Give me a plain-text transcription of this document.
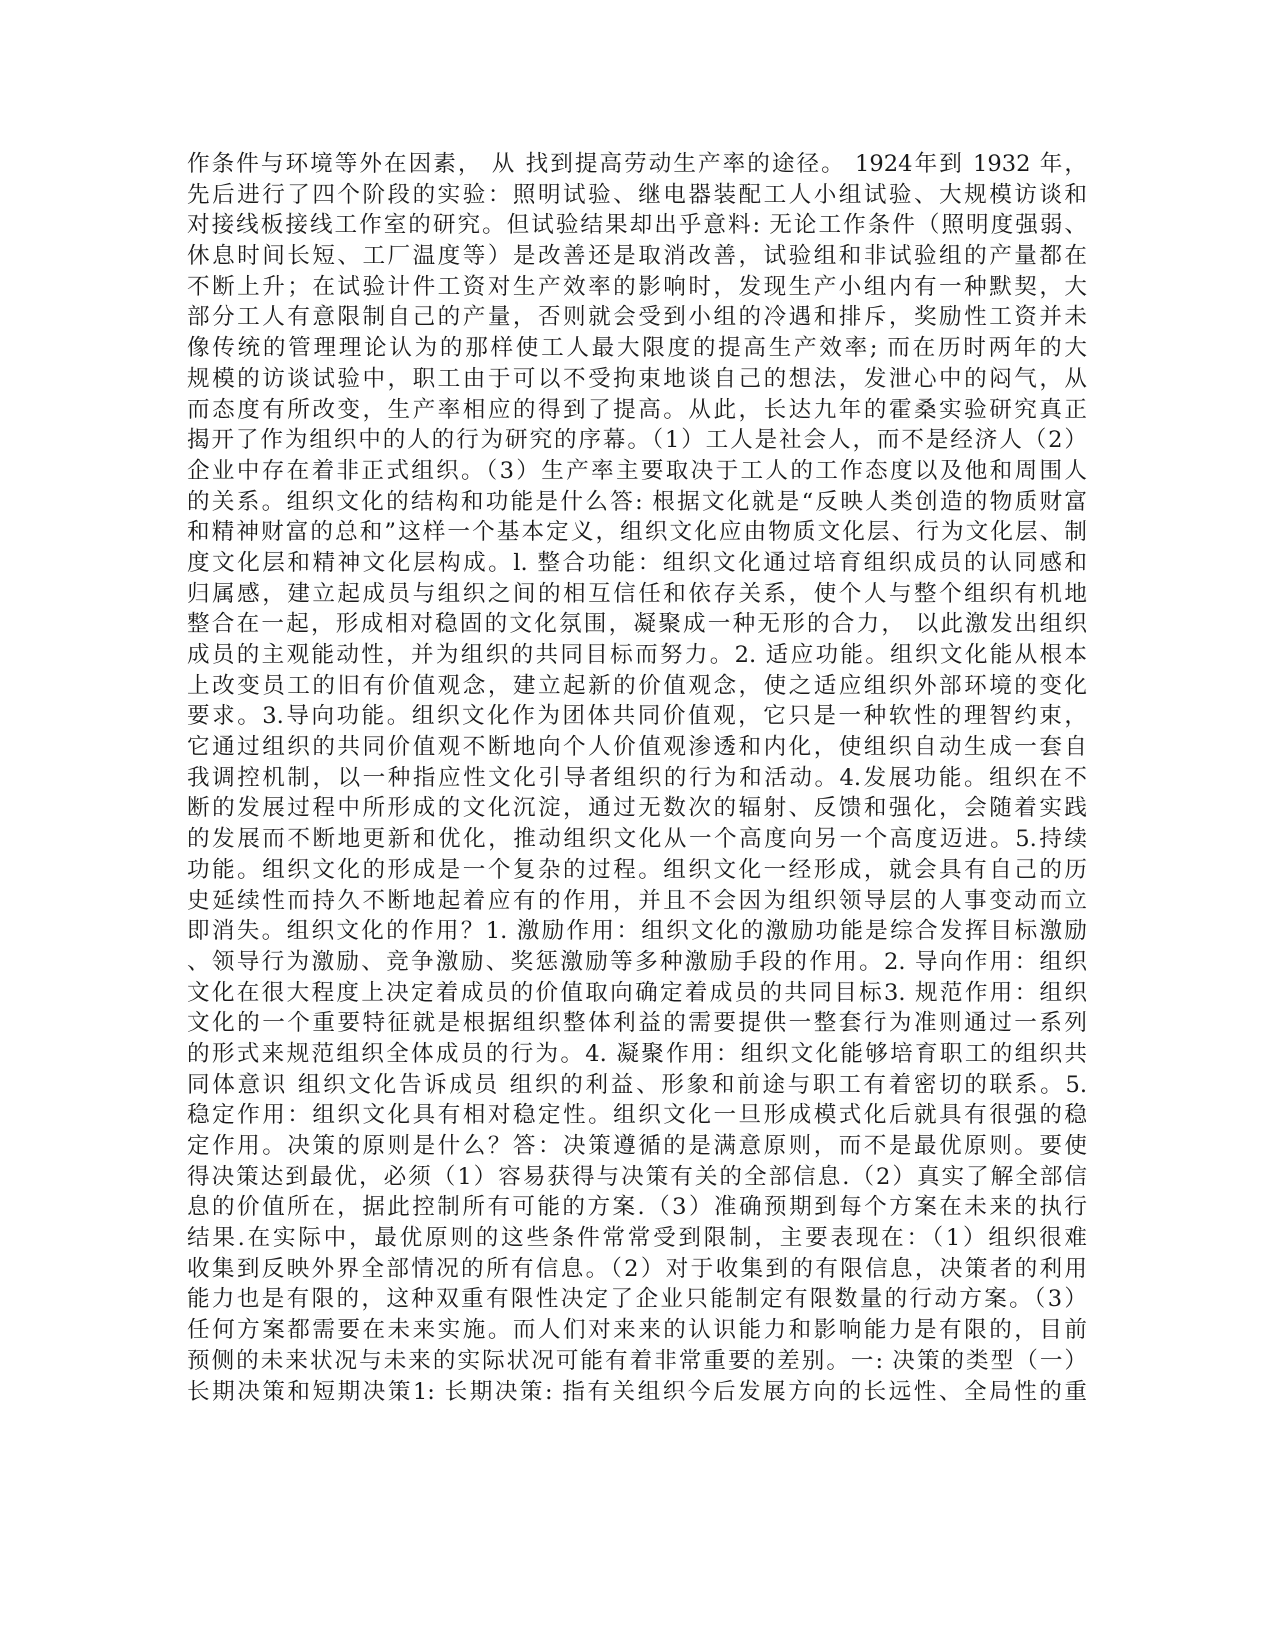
作条件与环境等外在因素， 从 找到提高劳动生产率的途径。 1924年到 1932 年，
先后进行了四个阶段的实验：照明试验、继电器装配工人小组试验、大规模访谈和
对接线板接线工作室的研究。但试验结果却出乎意料: 无论工作条件（照明度强弱、
休息时间长短、工厂温度等）是改善还是取消改善，试验组和非试验组的产量都在
不断上升；在试验计件工资对生产效率的影响时，发现生产小组内有一种默契，大
部分工人有意限制自己的产量，否则就会受到小组的冷遇和排斥，奖励性工资并未
像传统的管理理论认为的那样使工人最大限度的提高生产效率; 而在历时两年的大
规模的访谈试验中，职工由于可以不受拘束地谈自己的想法，发泄心中的闷气，从
而态度有所改变，生产率相应的得到了提高。从此，长达九年的霍桑实验研究真正
揭开了作为组织中的人的行为研究的序幕。（1）工人是社会人，而不是经济人（2）
企业中存在着非正式组织。（3）生产率主要取决于工人的工作态度以及他和周围人
的关系。组织文化的结构和功能是什么答: 根据文化就是“反映人类创造的物质财富
和精神财富的总和”这样一个基本定义，组织文化应由物质文化层、行为文化层、制
度文化层和精神文化层构成。l. 整合功能：组织文化通过培育组织成员的认同感和
归属感，建立起成员与组织之间的相互信任和依存关系，使个人与整个组织有机地
整合在一起，形成相对稳固的文化氛围，凝聚成一种无形的合力， 以此激发出组织
成员的主观能动性，并为组织的共同目标而努力。2. 适应功能。组织文化能从根本
上改变员工的旧有价值观念，建立起新的价值观念，使之适应组织外部环境的变化
要求。3.导向功能。组织文化作为团体共同价值观，它只是一种软性的理智约束，
它通过组织的共同价值观不断地向个人价值观渗透和内化，使组织自动生成一套自
我调控机制，以一种指应性文化引导者组织的行为和活动。4.发展功能。组织在不
断的发展过程中所形成的文化沉淀，通过无数次的辐射、反馈和强化，会随着实践
的发展而不断地更新和优化，推动组织文化从一个高度向另一个高度迈进。5.持续
功能。组织文化的形成是一个复杂的过程。组织文化一经形成，就会具有自己的历
史延续性而持久不断地起着应有的作用，并且不会因为组织领导层的人事变动而立
即消失。组织文化的作用？1. 激励作用：组织文化的激励功能是综合发挥目标激励
、领导行为激励、竞争激励、奖惩激励等多种激励手段的作用。2. 导向作用：组织
文化在很大程度上决定着成员的价值取向确定着成员的共同目标3. 规范作用：组织
文化的一个重要特征就是根据组织整体利益的需要提供一整套行为准则通过一系列
的形式来规范组织全体成员的行为。4. 凝聚作用：组织文化能够培育职工的组织共
同体意识 组织文化告诉成员 组织的利益、形象和前途与职工有着密切的联系。5.
稳定作用：组织文化具有相对稳定性。组织文化一旦形成模式化后就具有很强的稳
定作用。决策的原则是什么？答：决策遵循的是满意原则，而不是最优原则。要使
得决策达到最优，必须（1）容易获得与决策有关的全部信息.（2）真实了解全部信
息的价值所在，据此控制所有可能的方案.（3）准确预期到每个方案在未来的执行
结果.在实际中，最优原则的这些条件常常受到限制，主要表现在：（1）组织很难
收集到反映外界全部情况的所有信息。（2）对于收集到的有限信息，决策者的利用
能力也是有限的，这种双重有限性决定了企业只能制定有限数量的行动方案。（3）
任何方案都需要在未来实施。而人们对来来的认识能力和影响能力是有限的，目前
预侧的未来状况与未来的实际状况可能有着非常重要的差别。一: 决策的类型（一）
长期决策和短期决策1: 长期决策: 指有关组织今后发展方向的长远性、全局性的重
